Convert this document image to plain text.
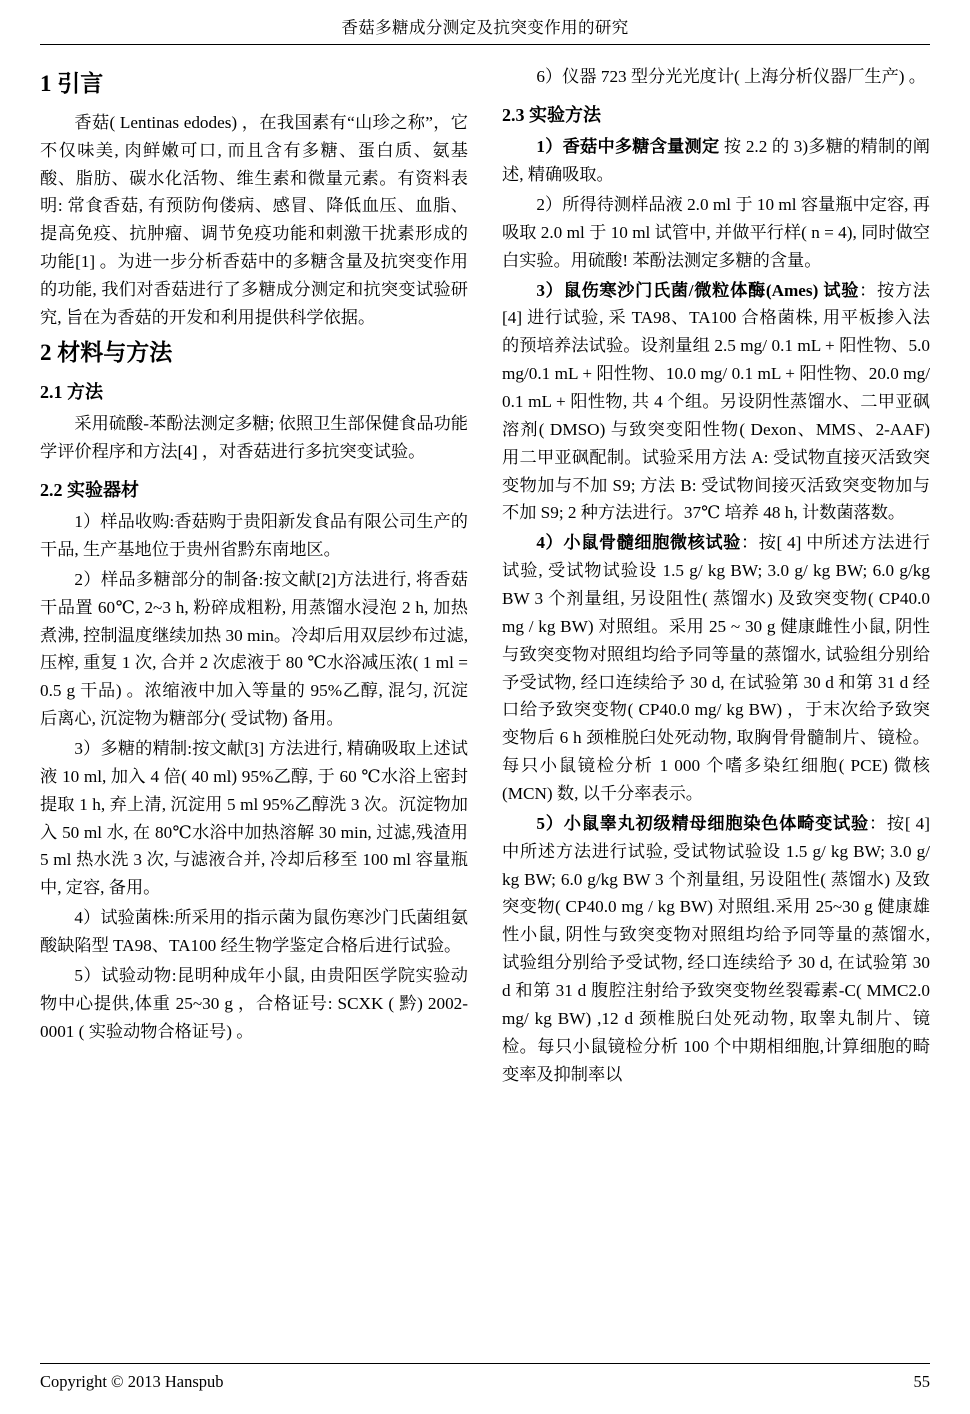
香菇多糖成分测定及抗突变作用的研究
1 引言

香菇( Lentinas edodes) ，在我国素有“山珍之称”，它不仅味美, 肉鲜嫩可口, 而且含有多糖、蛋白质、氨基酸、脂肪、碳水化活物、维生素和微量元素。有资料表明: 常食香菇, 有预防佝偻病、感冒、降低血压、血脂、提高免疫、抗肿瘤、调节免疫功能和刺激干扰素形成的功能[1] 。为进一步分析香菇中的多糖含量及抗突变作用的功能, 我们对香菇进行了多糖成分测定和抗突变试验研究, 旨在为香菇的开发和利用提供科学依据。

2 材料与方法
2.1 方法

采用硫酸-苯酚法测定多糖; 依照卫生部保健食品功能学评价程序和方法[4] ，对香菇进行多抗突变试验。

2.2 实验器材

1）样品收购:香菇购于贵阳新发食品有限公司生产的干品, 生产基地位于贵州省黔东南地区。

2）样品多糖部分的制备:按文献[2]方法进行, 将香菇干品置 60℃, 2~3 h, 粉碎成粗粉, 用蒸馏水浸泡 2 h, 加热煮沸, 控制温度继续加热 30 min。冷却后用双层纱布过滤, 压榨, 重复 1 次, 合并 2 次虑液于 80 ℃水浴减压浓( 1 ml = 0.5 g 干品) 。浓缩液中加入等量的 95%乙醇, 混匀, 沉淀后离心, 沉淀物为糖部分( 受试物) 备用。

3）多糖的精制:按文献[3] 方法进行, 精确吸取上述试液 10 ml, 加入 4 倍( 40 ml) 95%乙醇, 于 60 ℃水浴上密封提取 1 h, 弃上清, 沉淀用 5 ml 95%乙醇洗 3 次。沉淀物加入 50 ml 水, 在 80℃水浴中加热溶解 30 min, 过滤,残渣用 5 ml 热水洗 3 次, 与滤液合并, 冷却后移至 100 ml 容量瓶中, 定容, 备用。

4）试验菌株:所采用的指示菌为鼠伤寒沙门氏菌组氨酸缺陷型 TA98、TA100 经生物学鉴定合格后进行试验。

5）试验动物:昆明种成年小鼠, 由贵阳医学院实验动物中心提供,体重 25~30 g ，合格证号: SCXK ( 黔) 2002- 0001 ( 实验动物合格证号) 。

6）仪器 723 型分光光度计( 上海分析仪器厂生产) 。

2.3 实验方法

1）香菇中多糖含量测定 按 2.2 的 3)多糖的精制的阐述, 精确吸取。

2）所得待测样品液 2.0 ml 于 10 ml 容量瓶中定容, 再吸取 2.0 ml 于 10 ml 试管中, 并做平行样( n = 4), 同时做空白实验。用硫酸! 苯酚法测定多糖的含量。

3）鼠伤寒沙门氏菌/微粒体酶(Ames) 试验：按方法[4] 进行试验, 采 TA98、TA100 合格菌株, 用平板掺入法的预培养法试验。设剂量组 2.5 mg/ 0.1 mL + 阳性物、5.0 mg/0.1 mL + 阳性物、10.0 mg/ 0.1 mL + 阳性物、20.0 mg/ 0.1 mL + 阳性物, 共 4 个组。另设阴性蒸馏水、二甲亚砜溶剂( DMSO) 与致突变阳性物( Dexon、MMS、2-AAF) 用二甲亚砜配制。试验采用方法 A: 受试物直接灭活致突变物加与不加 S9; 方法 B: 受试物间接灭活致突变物加与不加 S9; 2 种方法进行。37℃ 培养 48 h, 计数菌落数。

4）小鼠骨髓细胞微核试验：按[ 4] 中所述方法进行试验, 受试物试验设 1.5 g/ kg BW; 3.0 g/ kg BW; 6.0 g/kg BW 3 个剂量组, 另设阻性( 蒸馏水) 及致突变物( CP40.0 mg / kg BW) 对照组。采用 25 ~ 30 g 健康雌性小鼠, 阴性与致突变物对照组均给予同等量的蒸馏水, 试验组分别给予受试物, 经口连续给予 30 d, 在试验第 30 d 和第 31 d 经口给予致突变物( CP40.0 mg/ kg BW) ，于末次给予致突变物后 6 h 颈椎脱臼处死动物, 取胸骨骨髓制片、镜检。每只小鼠镜检分析 1 000 个嗜多染红细胞( PCE) 微核(MCN) 数, 以千分率表示。

5）小鼠睾丸初级精母细胞染色体畸变试验：按[ 4] 中所述方法进行试验, 受试物试验设 1.5 g/ kg BW; 3.0 g/ kg BW; 6.0 g/kg BW 3 个剂量组, 另设阻性( 蒸馏水) 及致突变物( CP40.0 mg / kg BW) 对照组.采用 25~30 g 健康雄性小鼠, 阴性与致突变物对照组均给予同等量的蒸馏水, 试验组分别给予受试物, 经口连续给予 30 d, 在试验第 30 d 和第 31 d 腹腔注射给予致突变物丝裂霉素-C( MMC2.0 mg/ kg BW) ,12 d 颈椎脱臼处死动物, 取睾丸制片、镜检。每只小鼠镜检分析 100 个中期相细胞,计算细胞的畸变率及抑制率以

Copyright © 2013 Hanspub	55
